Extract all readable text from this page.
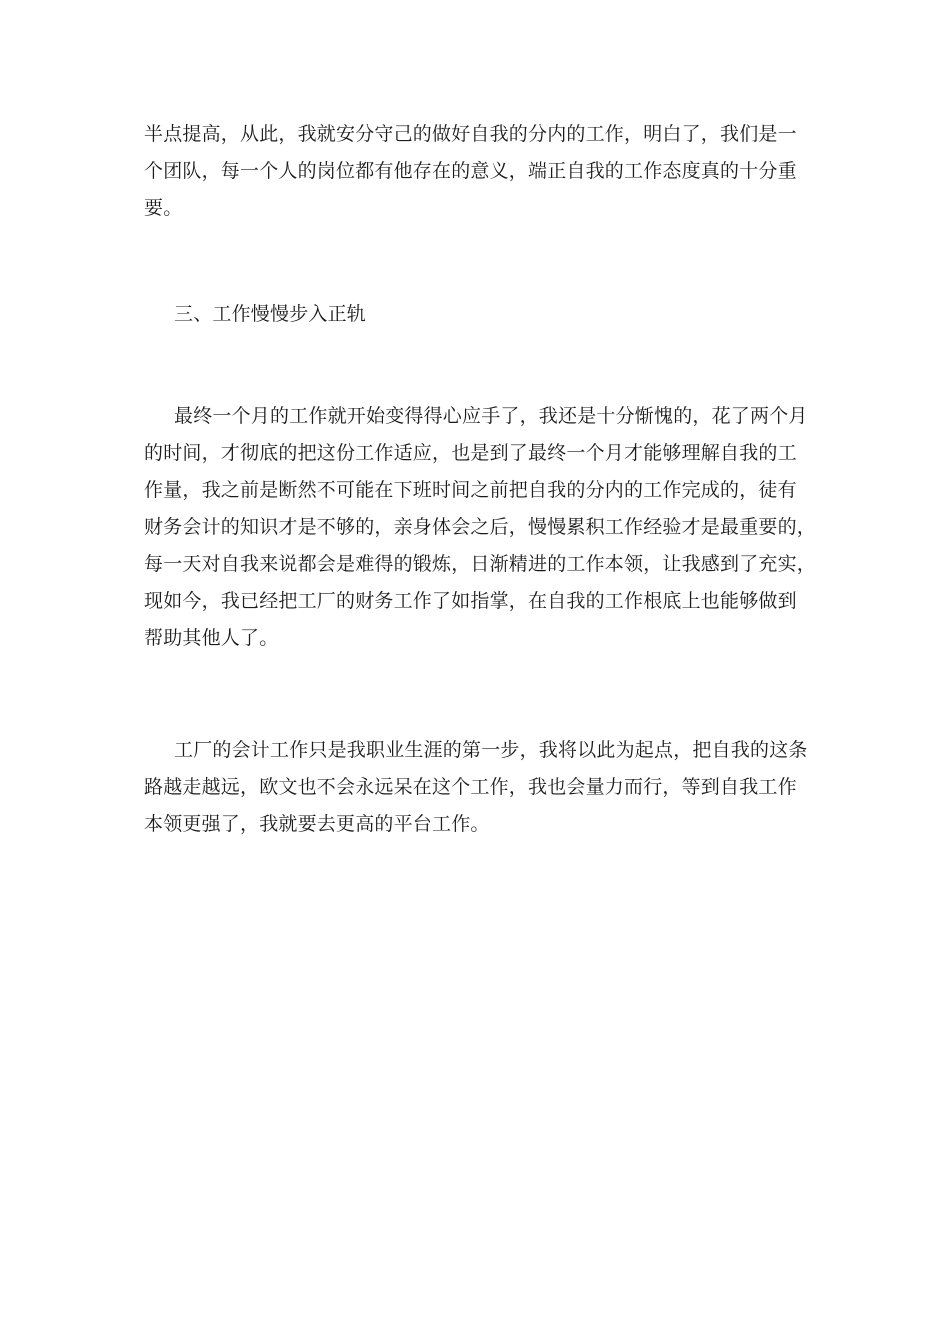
半点提高，从此，我就安分守己的做好自我的分内的工作，明白了，我们是一
个团队，每一个人的岗位都有他存在的意义，端正自我的工作态度真的十分重
要。
三、工作慢慢步入正轨
最终一个月的工作就开始变得得心应手了，我还是十分惭愧的，花了两个月
的时间，才彻底的把这份工作适应，也是到了最终一个月才能够理解自我的工
作量，我之前是断然不可能在下班时间之前把自我的分内的工作完成的，徒有
财务会计的知识才是不够的，亲身体会之后，慢慢累积工作经验才是最重要的，
每一天对自我来说都会是难得的锻炼，日渐精进的工作本领，让我感到了充实，
现如今，我已经把工厂的财务工作了如指掌，在自我的工作根底上也能够做到
帮助其他人了。
工厂的会计工作只是我职业生涯的第一步，我将以此为起点，把自我的这条
路越走越远，欧文也不会永远呆在这个工作，我也会量力而行，等到自我工作
本领更强了，我就要去更高的平台工作。
